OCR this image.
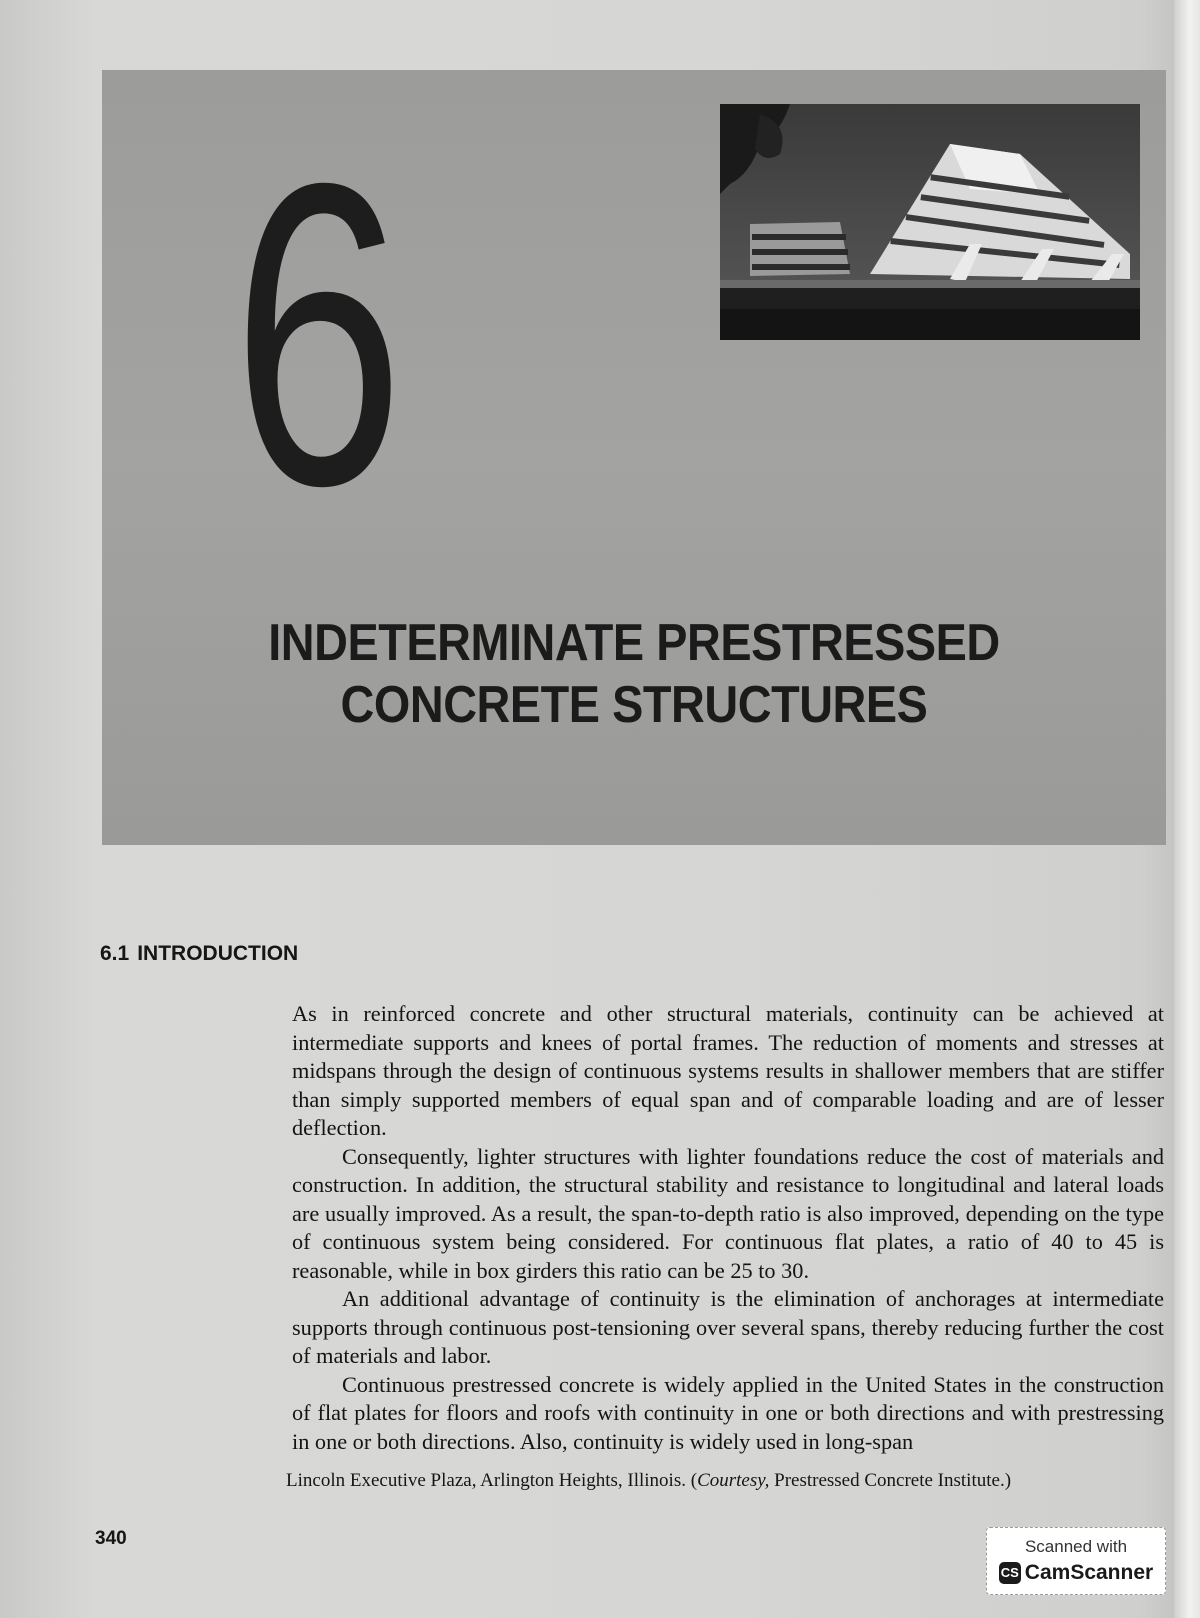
6
INDETERMINATE PRESTRESSED
CONCRETE STRUCTURES
6.1 INTRODUCTION

As in reinforced concrete and other structural materials, continuity can be achieved at intermediate supports and knees of portal frames. The reduction of moments and stresses at midspans through the design of continuous systems results in shallower members that are stiffer than simply supported members of equal span and of comparable loading and are of lesser deflection.

Consequently, lighter structures with lighter foundations reduce the cost of materials and construction. In addition, the structural stability and resistance to longitudinal and lateral loads are usually improved. As a result, the span-to-depth ratio is also improved, depending on the type of continuous system being considered. For continuous flat plates, a ratio of 40 to 45 is reasonable, while in box girders this ratio can be 25 to 30.

An additional advantage of continuity is the elimination of anchorages at intermediate supports through continuous post-tensioning over several spans, thereby reducing further the cost of materials and labor.

Continuous prestressed concrete is widely applied in the United States in the construction of flat plates for floors and roofs with continuity in one or both directions and with prestressing in one or both directions. Also, continuity is widely used in long-span

Lincoln Executive Plaza, Arlington Heights, Illinois. (Courtesy, Prestressed Concrete Institute.)
340	Scanned with
CS CamScanner
